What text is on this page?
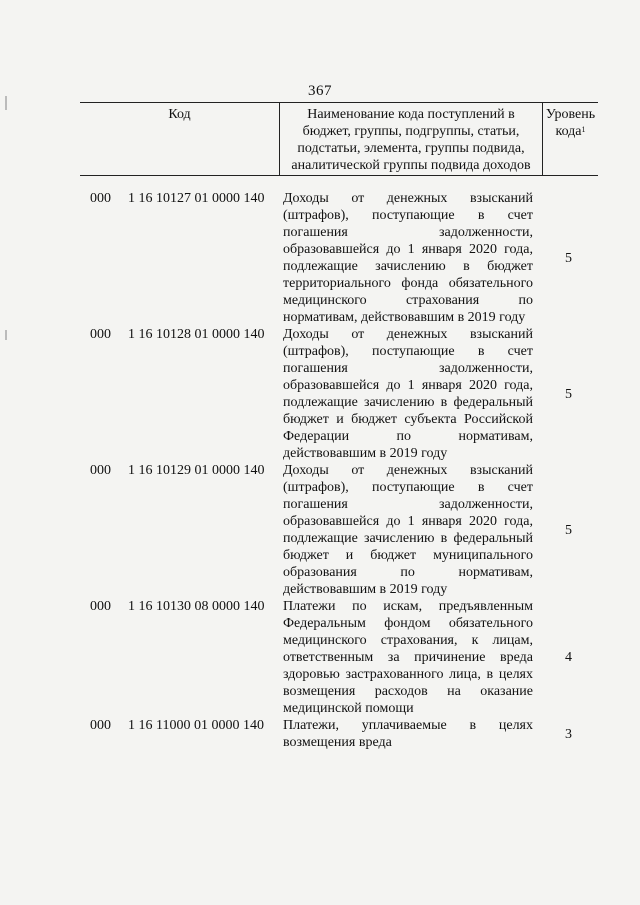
367
Код	Наименование кода поступлений в
бюджет, группы, подгруппы, статьи,
подстатьи, элемента, группы подвида,
аналитической группы подвида доходов
Уровень
кода$^1$
000	1 16 10127 01 0000 140	Доходы от денежных взысканий
(штрафов), поступающие в счет
погашения задолженности,
образовавшейся до 1 января 2020 года,
подлежащие зачислению в бюджет
территориального фонда обязательного
медицинского страхования по
нормативам, действовавшим в 2019 году
5
000	1 16 10128 01 0000 140	Доходы от денежных взысканий
(штрафов), поступающие в счет
погашения задолженности,
образовавшейся до 1 января 2020 года,
подлежащие зачислению в федеральный
бюджет и бюджет субъекта Российской
Федерации по нормативам,
действовавшим в 2019 году
5
000	1 16 10129 01 0000 140	Доходы от денежных взысканий
(штрафов), поступающие в счет
погашения задолженности,
образовавшейся до 1 января 2020 года,
подлежащие зачислению в федеральный
бюджет и бюджет муниципального
образования по нормативам,
действовавшим в 2019 году
5
000	1 16 10130 08 0000 140	Платежи по искам, предъявленным
Федеральным фондом обязательного
медицинского страхования, к лицам,
ответственным за причинение вреда
здоровью застрахованного лица, в целях
возмещения расходов на оказание
медицинской помощи
4
000	1 16 11000 01 0000 140	Платежи, уплачиваемые в целях
возмещения вреда
3
